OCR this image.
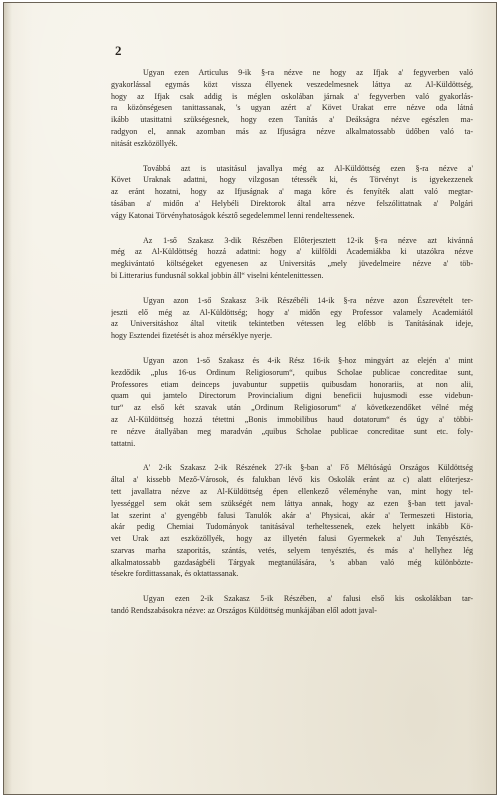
2
Ugyan ezen Articulus 9-ik §-ra nézve ne hogy az Ifjak a' fegyverben való
gyakorlással egymás közt vissza éllyenek veszedelmesnek láttya az Al-Küldöttség,
hogy az Ifjak csak addig is méglen oskolában járnak a' fegyverben való gyakorlás-
ra közönségesen tanittassanak, 's ugyan azért a' Követ Urakat erre nézve oda látná
ikább utasittatni szükségesnek, hogy ezen Tanítás a' Deákságra nézve egészlen ma-
radgyon el, annak azomban más az Ifjuságra nézve alkalmatossabb üdőben való ta-
nitását eszközöllyék.
Továbbá azt is utasitásul javallya még az Al-Küldöttség ezen §-ra nézve a'
Követ Uraknak adattni, hogy vilzgosan tétessék ki, és Törvényt is igyekezzenek
az eránt hozatni, hogy az Ifjuságnak a' maga kőre és fenyíték alatt való megtar-
tásában a' midőn a' Helybéli Direktorok által arra nézve felszólittatnak a' Polgári
vágy Katonai Törvényhatoságok késztő segedelemmel lenni rendeltessenek.
Az 1-ső Szakasz 3-dik Részében Előterjesztett 12-ik §-ra nézve azt kivánná
még az Al-Küldöttség hozzá adattni: hogy a' külföldi Academiákba ki utazókra nézve
megkivántató költségeket egyenesen az Universitás „mely jüvedelmeire nézve a' töb-
bi Litterarius fundusnál sokkal jobbin áll“ viselni kéntelenittessen.
Ugyan azon 1-ső Szakasz 3-ik Részébéli 14-ik §-ra nézve azon Észrevételt ter-
jeszti elő még az Al-Küldöttség; hogy a' midőn egy Professor valamely Academiától
az Universitáshoz által vitetik tekintetben vétessen leg előbb is Tanításának ideje,
hogy Esztendei fizetését is ahoz mérséklye nyerje.
Ugyan azon 1-ső Szakasz és 4-ik Rész 16-ik §-hoz mingyárt az elején a' mint
kezdődik „plus 16-us Ordinum Religiosorum“, quibus Scholae publicae concreditae sunt,
Professores etiam deinceps juvabuntur suppetiis quibusdam honorariis, at non alii,
quam qui jamtelo Directorum Provincialium digni beneficii hujusmodi esse videbun-
tur“ az első két szavak után „Ordinum Religiosorum“ a' következendőket vélné még
az Al-Küldöttség hozzá tétettni „Bonis immobilibus haud dotatorum“ és úgy a' többi-
re nézve átallyában meg maradván „quibus Scholae publicae concreditae sunt etc. foly-
tattatni.
A' 2-ik Szakasz 2-ik Részének 27-ik §-ban a' Fő Méltóságú Országos Küldöttség
által a' kissebb Mező-Városok, és falukban lévő kis Oskolák eránt az c) alatt előterjesz-
tett javallatra nézve az Al-Küldöttség épen ellenkező véleményhe van, mint hogy tel-
lyességgel sem okát sem szükségét nem láttya annak, hogy az ezen §-ban tett javal-
lat szerint a' gyengébb falusi Tanulók akár a' Physicai, akár a' Termeszeti Historia,
akár pedig Chemiai Tudományok tanitásával terheltessenek, ezek helyett inkább Kö-
vet Urak azt eszközöllyék, hogy az illyetén falusi Gyermekek a' Juh Tenyésztés,
szarvas marha szaporitás, szántás, vetés, selyem tenyésztés, és más a' hellyhez lég
alkalmatossabb gazdaságbéli Tárgyak megtanúlására, 's abban való még különbözte-
tésekre fordittassanak, és oktattassanak.
Ugyan ezen 2-ik Szakasz 5-ik Részében, a' falusi első kis oskolákban tar-
tandó Rendszabásokra nézve: az Országos Küldöttség munkájában elől adott javal-
